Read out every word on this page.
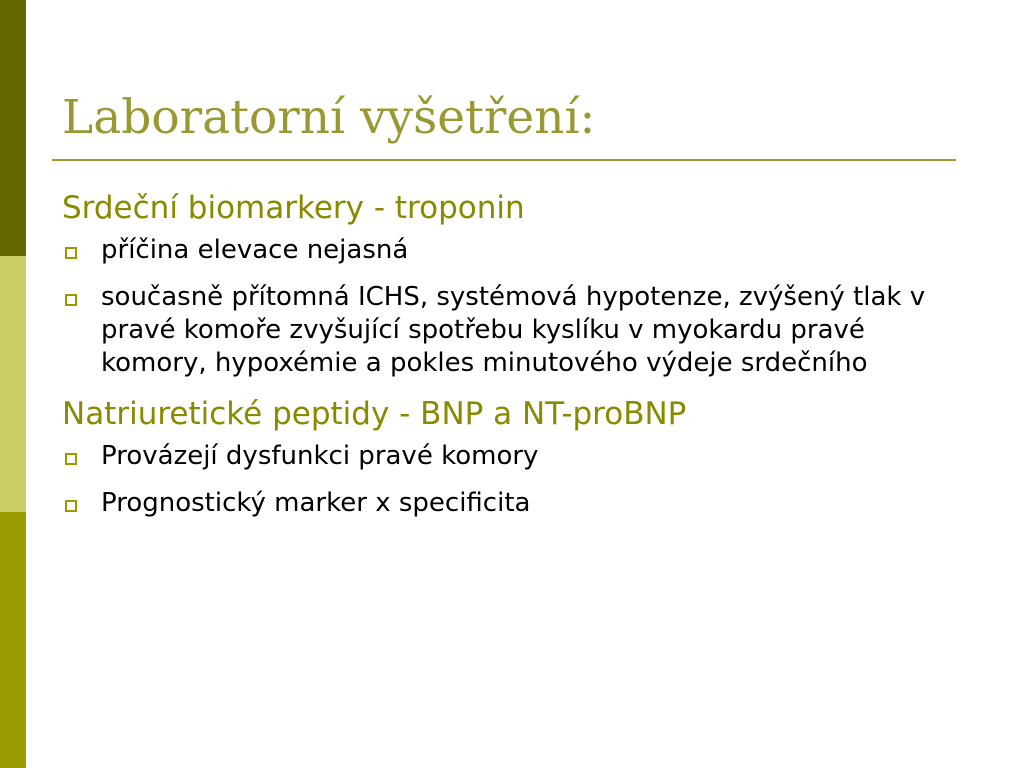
Laboratorní vyšetření:
Srdeční biomarkery - troponin
příčina elevace nejasná
současně přítomná ICHS, systémová hypotenze, zvýšený tlak v pravé komoře zvyšující spotřebu kyslíku v myokardu pravé komory, hypoxémie a pokles minutového výdeje srdečního
Natriuretické peptidy - BNP a NT-proBNP
Provázejí dysfunkci pravé komory
Prognostický marker x specificita
